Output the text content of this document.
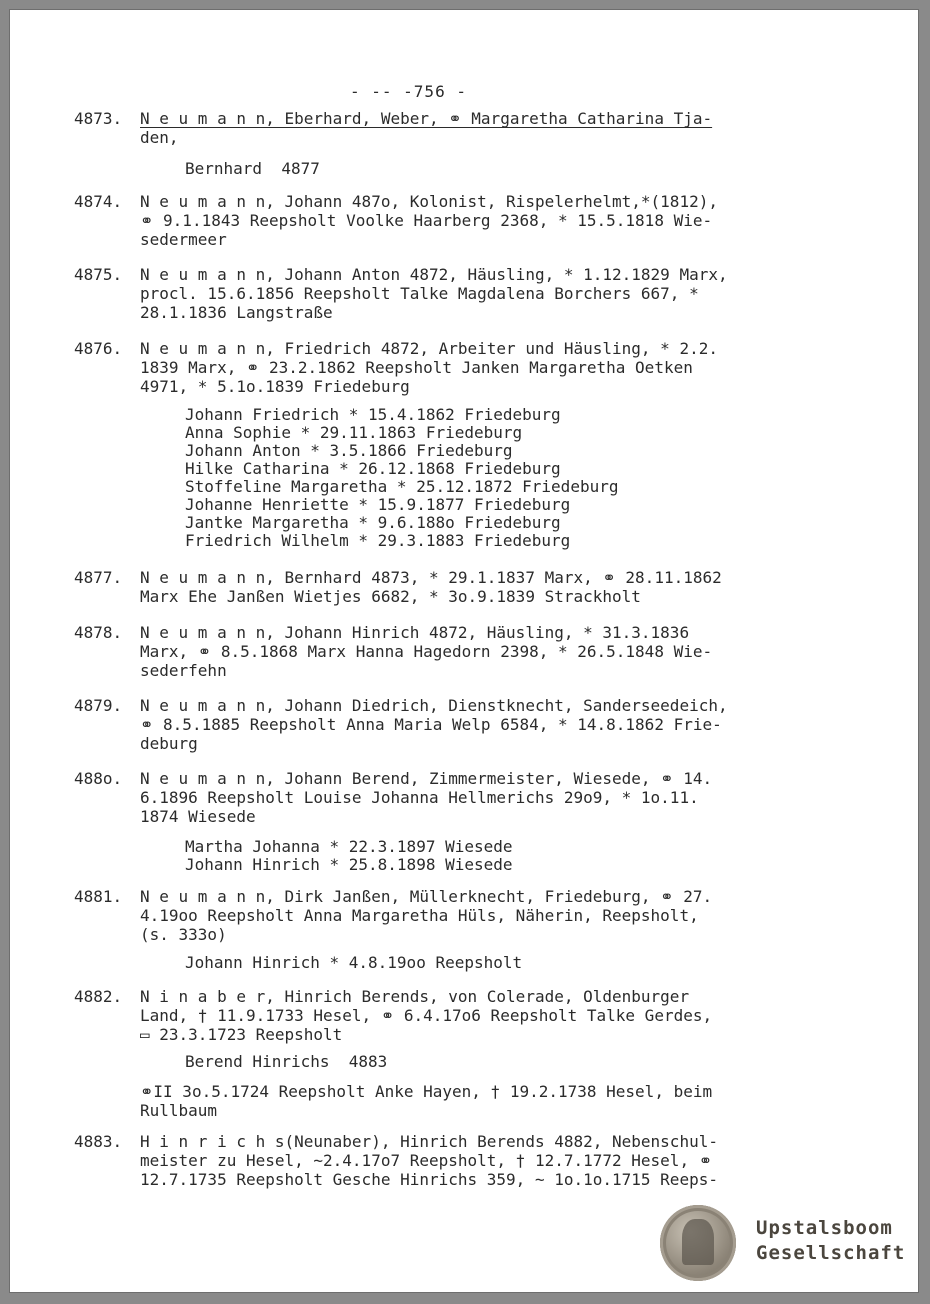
- -- -756 -
4873. N e u m a n n, Eberhard, Weber, ⚭ Margaretha Catharina Tja-
den,
Bernhard  4877
4874. N e u m a n n, Johann 487o, Kolonist, Rispelerhelmt,*(1812),
⚭ 9.1.1843 Reepsholt Voolke Haarberg 2368, * 15.5.1818 Wie-
sedermeer
4875. N e u m a n n, Johann Anton 4872, Häusling, * 1.12.1829 Marx,
procl. 15.6.1856 Reepsholt Talke Magdalena Borchers 667, *
28.1.1836 Langstraße
4876. N e u m a n n, Friedrich 4872, Arbeiter und Häusling, * 2.2.
1839 Marx, ⚭ 23.2.1862 Reepsholt Janken Margaretha Oetken
4971, * 5.1o.1839 Friedeburg
Johann Friedrich * 15.4.1862 Friedeburg
Anna Sophie * 29.11.1863 Friedeburg
Johann Anton * 3.5.1866 Friedeburg
Hilke Catharina * 26.12.1868 Friedeburg
Stoffeline Margaretha * 25.12.1872 Friedeburg
Johanne Henriette * 15.9.1877 Friedeburg
Jantke Margaretha * 9.6.188o Friedeburg
Friedrich Wilhelm * 29.3.1883 Friedeburg
4877. N e u m a n n, Bernhard 4873, * 29.1.1837 Marx, ⚭ 28.11.1862
Marx Ehe Janßen Wietjes 6682, * 3o.9.1839 Strackholt
4878. N e u m a n n, Johann Hinrich 4872, Häusling, * 31.3.1836
Marx, ⚭ 8.5.1868 Marx Hanna Hagedorn 2398, * 26.5.1848 Wie-
sederfehn
4879. N e u m a n n, Johann Diedrich, Dienstknecht, Sanderseedeich,
⚭ 8.5.1885 Reepsholt Anna Maria Welp 6584, * 14.8.1862 Frie-
deburg
488o. N e u m a n n, Johann Berend, Zimmermeister, Wiesede, ⚭ 14.
6.1896 Reepsholt Louise Johanna Hellmerichs 29o9, * 1o.11.
1874 Wiesede
Martha Johanna * 22.3.1897 Wiesede
Johann Hinrich * 25.8.1898 Wiesede
4881. N e u m a n n, Dirk Janßen, Müllerknecht, Friedeburg, ⚭ 27.
4.19oo Reepsholt Anna Margaretha Hüls, Näherin, Reepsholt,
(s. 333o)
Johann Hinrich * 4.8.19oo Reepsholt
4882. N i n a b e r, Hinrich Berends, von Colerade, Oldenburger
Land, † 11.9.1733 Hesel, ⚭ 6.4.17o6 Reepsholt Talke Gerdes,
▭ 23.3.1723 Reepsholt
Berend Hinrichs  4883
⚭II 3o.5.1724 Reepsholt Anke Hayen, † 19.2.1738 Hesel, beim
Rullbaum
4883. H i n r i c h s(Neunaber), Hinrich Berends 4882, Nebenschul-
meister zu Hesel, ~2.4.17o7 Reepsholt, † 12.7.1772 Hesel, ⚭
12.7.1735 Reepsholt Gesche Hinrichs 359, ~ 1o.1o.1715 Reeps-
Upstalsboom
Gesellschaft
